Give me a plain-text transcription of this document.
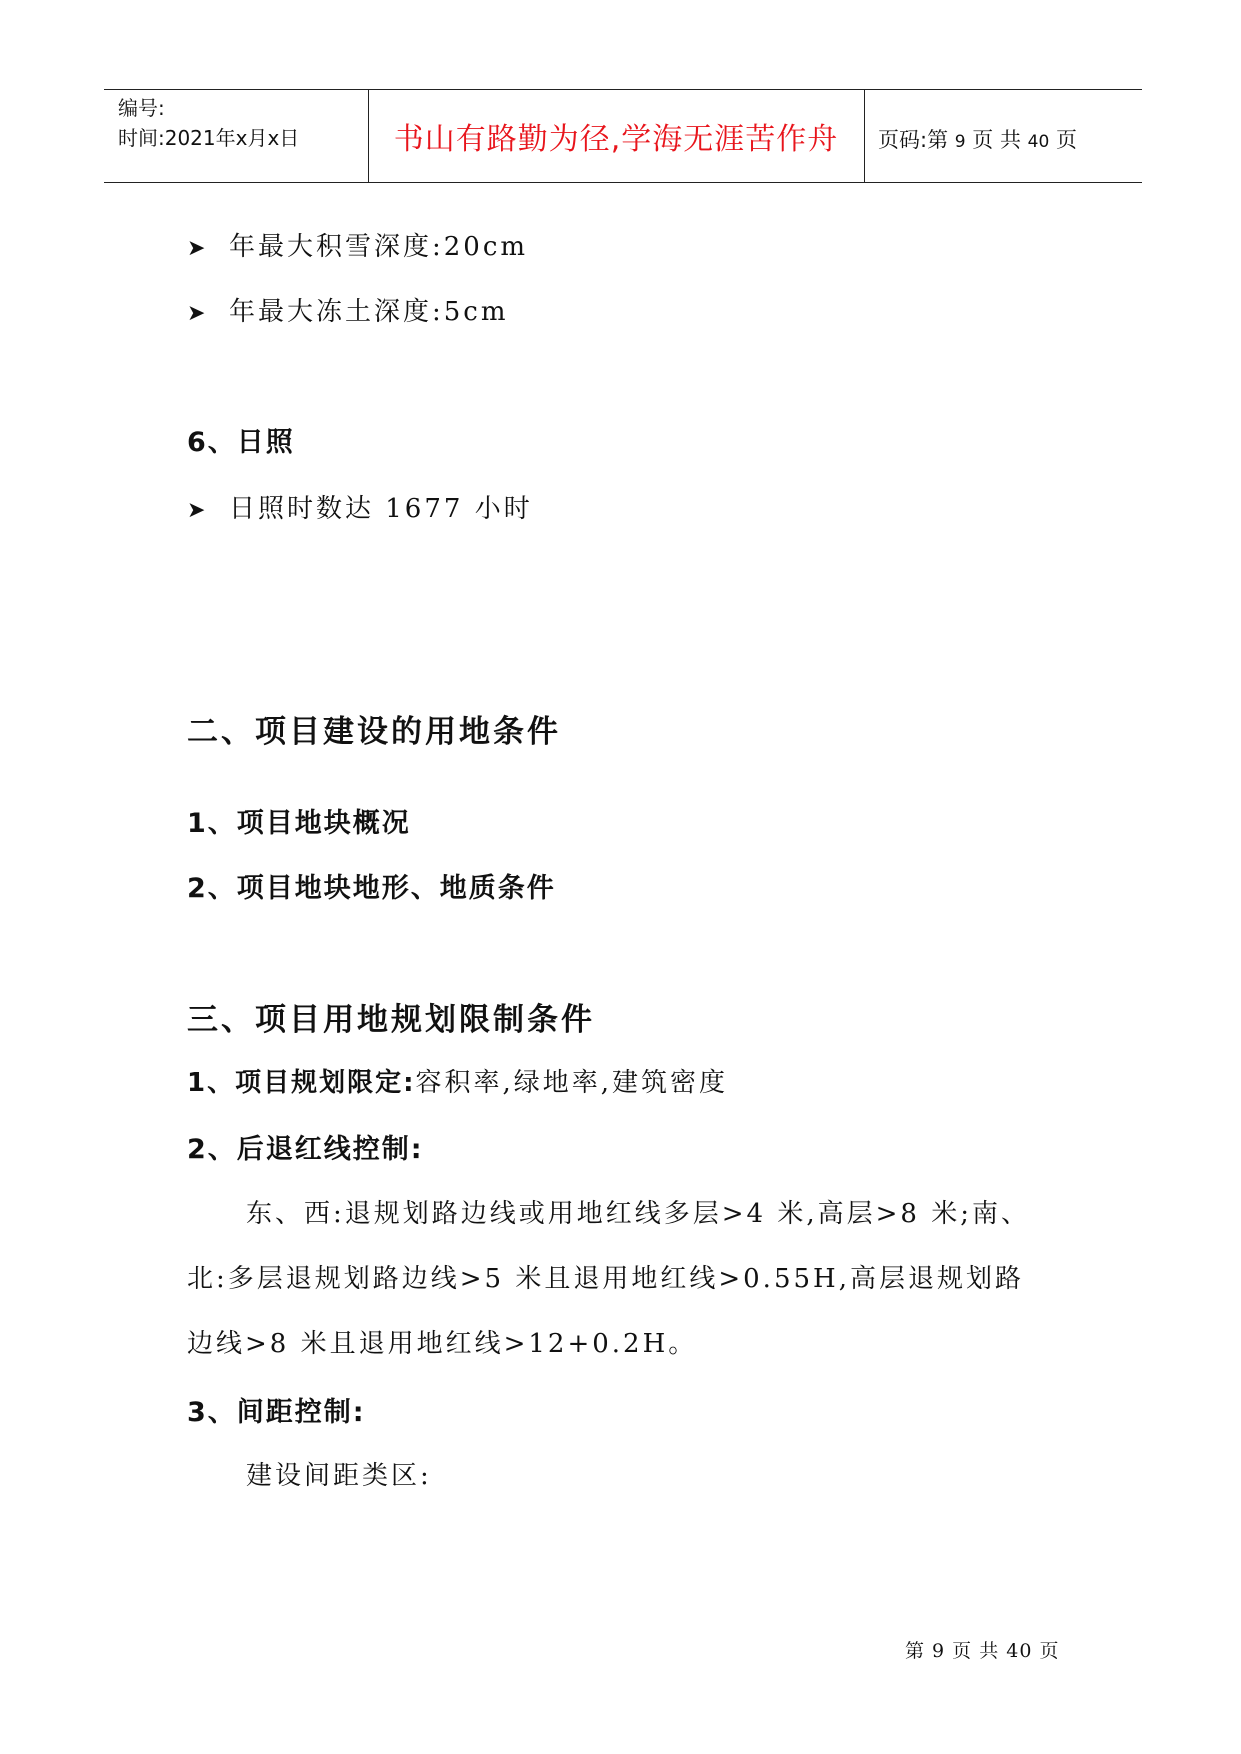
编号:
时间:2021年x月x日	书山有路勤为径,学海无涯苦作舟	页码:第 9 页 共 40 页
➤ 年最大积雪深度:20cm
➤ 年最大冻土深度:5cm
6、日照
➤ 日照时数达 1677 小时
二、项目建设的用地条件
1、项目地块概况
2、项目地块地形、地质条件
三、项目用地规划限制条件
1、项目规划限定:容积率,绿地率,建筑密度
2、后退红线控制:
东、西:退规划路边线或用地红线多层>4 米,高层>8 米;南、
北:多层退规划路边线>5 米且退用地红线>0.55H,高层退规划路
边线>8 米且退用地红线>12+0.2H。
3、间距控制:
建设间距类区:
第 9 页 共 40 页
